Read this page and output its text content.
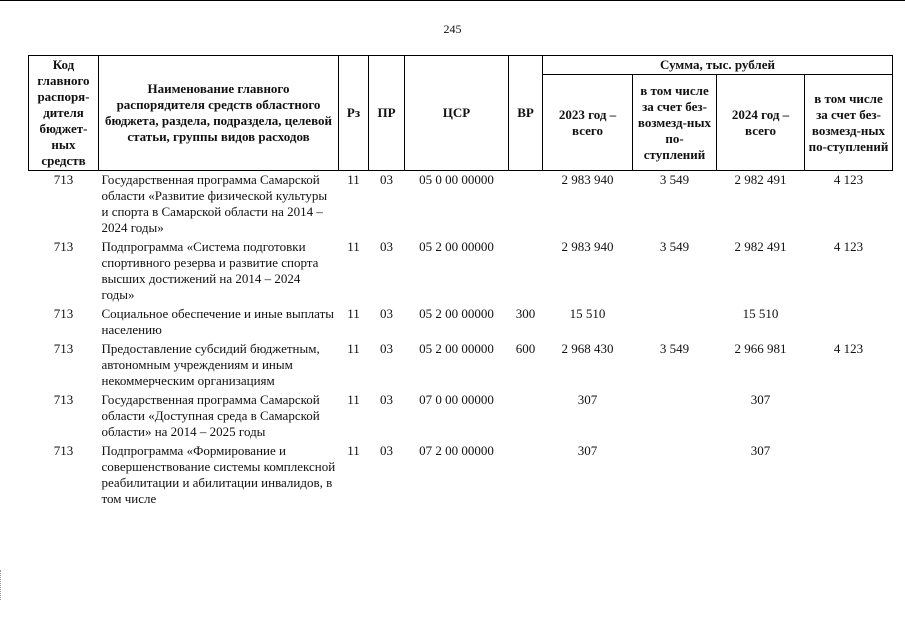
245
Код главного распоря-дителя бюджет-ных средств	Наименование главного распорядителя средств областного бюджета, раздела, подраздела, целевой статьи, группы видов расходов	Рз	ПР	ЦСР	ВР	Сумма, тыс. рублей			
						2023 год – всего	в том числе за счет без-возмезд-ных по-ступлений	2024 год – всего	в том числе за счет без-возмезд-ных по-ступлений
713	Государственная программа Самарской области «Развитие физической культуры и спорта в Самарской области на 2014 – 2024 годы»	11	03	05 0 00 00000		2 983 940	3 549	2 982 491	4 123
713	Подпрограмма «Система подготовки спортивного резерва и развитие спорта высших достижений на 2014 – 2024 годы»	11	03	05 2 00 00000		2 983 940	3 549	2 982 491	4 123
713	Социальное обеспечение и иные выплаты населению	11	03	05 2 00 00000	300	15 510		15 510	
713	Предоставление субсидий бюджетным, автономным учреждениям и иным некоммерческим организациям	11	03	05 2 00 00000	600	2 968 430	3 549	2 966 981	4 123
713	Государственная программа Самарской области «Доступная среда в Самарской области» на 2014 – 2025 годы	11	03	07 0 00 00000		307		307	
713	Подпрограмма «Формирование и совершенствование системы комплексной реабилитации и абилитации инвалидов, в том числе	11	03	07 2 00 00000		307		307	
